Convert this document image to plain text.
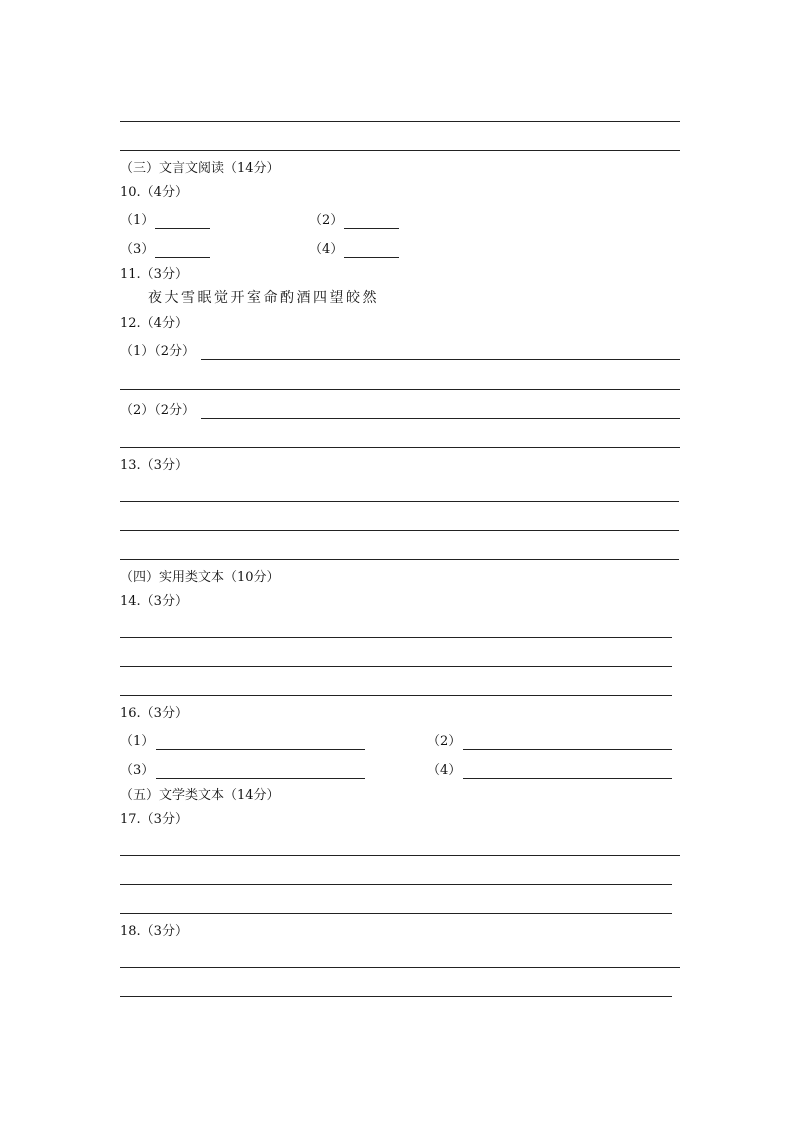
（三）文言文阅读（14分）
10.（4分）
（1）	（2）
（3）	（4）
11.（3分）
夜大雪眠觉开室命酌酒四望皎然
12.（4分）
（1）（2分）
（2）（2分）
13.（3分）
（四）实用类文本（10分）
14.（3分）
16.（3分）
（1）	（2）
（3）	（4）
（五）文学类文本（14分）
17.（3分）
18.（3分）
